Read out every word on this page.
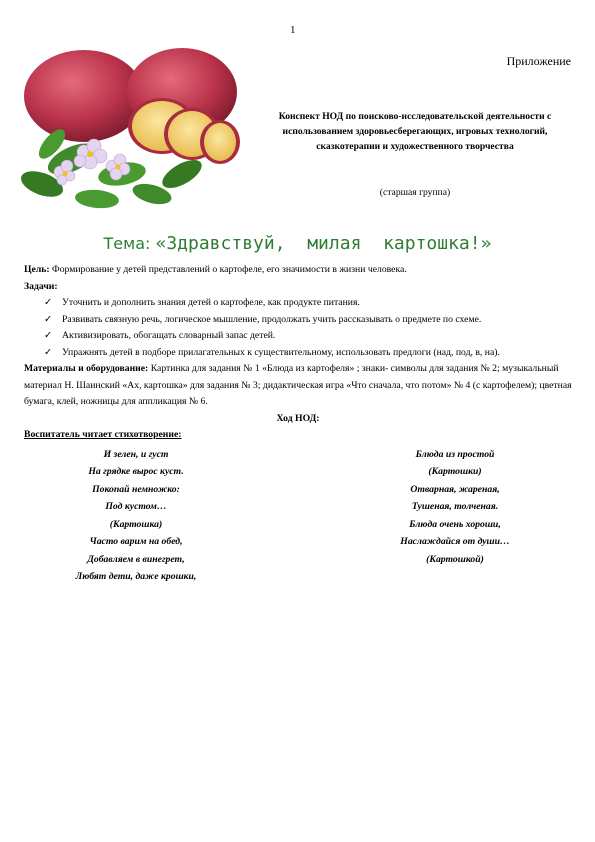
1
Приложение
Конспект НОД по поисково-исследовательской деятельности с использованием здоровьесберегающих, игровых технологий, сказкотерапии и художественного творчества
(старшая группа)
Тема: «Здравствуй,  милая  картошка!»
Цель: Формирование у детей представлений о картофеле, его значимости в жизни человека.
Задачи:
✓ Уточнить и дополнить знания детей о картофеле, как продукте питания.
✓ Развивать связную речь, логическое мышление, продолжать учить рассказывать о предмете по схеме.
✓ Активизировать, обогащать словарный запас детей.
✓ Упражнять детей в подборе прилагательных к существительному, использовать предлоги (над, под, в, на).
Материалы и оборудование: Картинка для задания № 1 «Блюда из картофеля» ; знаки- символы для задания № 2; музыкальный материал Н. Шаинский «Ах, картошка» для задания № 3; дидактическая игра «Что сначала, что потом» № 4 (с картофелем); цветная бумага, клей, ножницы для аппликация № 6.
Ход НОД:
Воспитатель читает стихотворение:
И зелен, и густ
На грядке вырос куст.
Покопай немножко:
Под кустом…
(Картошка)
Часто варим на обед,
Добавляем в винегрет,
Любят дети, даже крошки,
Блюда из простой
(Картошки)
Отварная, жареная,
Тушеная, толченая.
Блюда очень хороши,
Наслаждайся от души…
(Картошкой)
